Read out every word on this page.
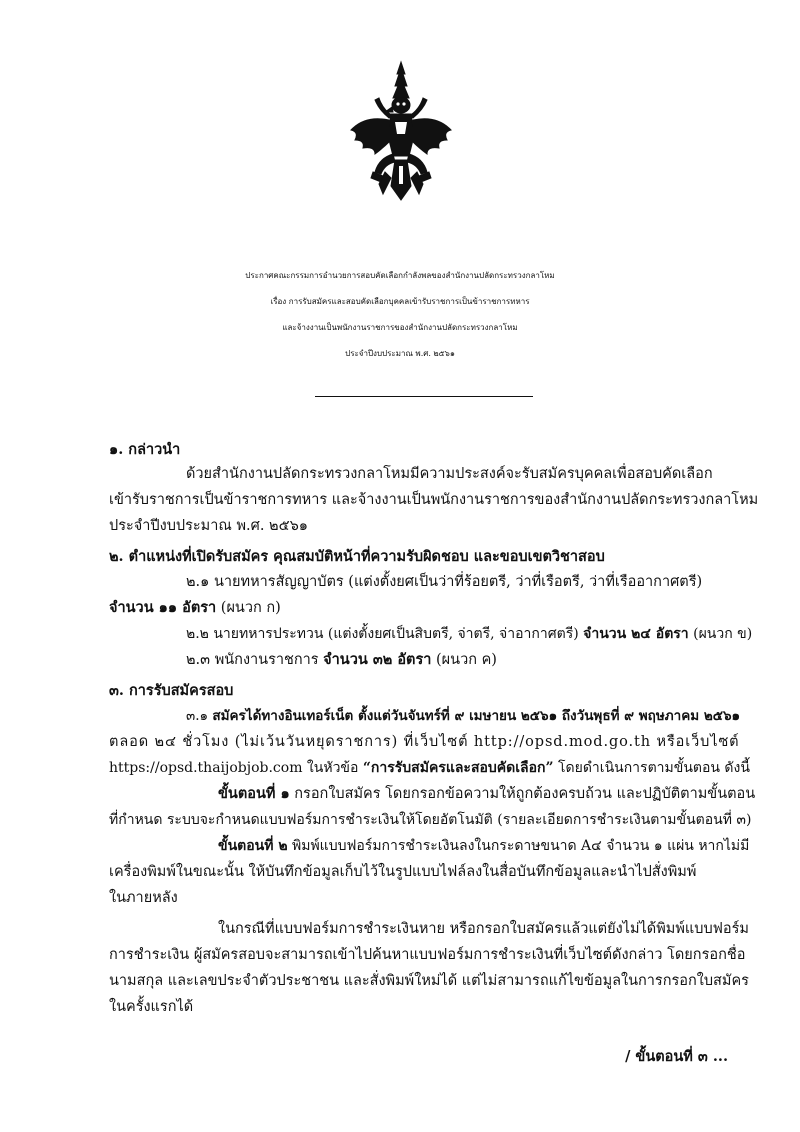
ประกาศคณะกรรมการอำนวยการสอบคัดเลือกกำลังพลของสำนักงานปลัดกระทรวงกลาโหม
เรื่อง การรับสมัครและสอบคัดเลือกบุคคลเข้ารับราชการเป็นข้าราชการทหาร
และจ้างงานเป็นพนักงานราชการของสำนักงานปลัดกระทรวงกลาโหม
ประจำปีงบประมาณ พ.ศ. ๒๕๖๑
๑. กล่าวนำ
ด้วยสำนักงานปลัดกระทรวงกลาโหมมีความประสงค์จะรับสมัครบุคคลเพื่อสอบคัดเลือก
เข้ารับราชการเป็นข้าราชการทหาร และจ้างงานเป็นพนักงานราชการของสำนักงานปลัดกระทรวงกลาโหม
ประจำปีงบประมาณ พ.ศ. ๒๕๖๑
๒. ตำแหน่งที่เปิดรับสมัคร คุณสมบัติหน้าที่ความรับผิดชอบ และขอบเขตวิชาสอบ
๒.๑ นายทหารสัญญาบัตร (แต่งตั้งยศเป็นว่าที่ร้อยตรี, ว่าที่เรือตรี, ว่าที่เรืออากาศตรี)
จำนวน ๑๑ อัตรา (ผนวก ก)
๒.๒ นายทหารประทวน (แต่งตั้งยศเป็นสิบตรี, จ่าตรี, จ่าอากาศตรี) จำนวน ๒๔ อัตรา (ผนวก ข)
๒.๓ พนักงานราชการ จำนวน ๓๒ อัตรา (ผนวก ค)
๓. การรับสมัครสอบ
๓.๑ สมัครได้ทางอินเทอร์เน็ต ตั้งแต่วันจันทร์ที่ ๙ เมษายน ๒๕๖๑ ถึงวันพุธที่ ๙ พฤษภาคม ๒๕๖๑
ตลอด ๒๔ ชั่วโมง (ไม่เว้นวันหยุดราชการ) ที่เว็บไซต์ http://opsd.mod.go.th หรือเว็บไซต์
https://opsd.thaijobjob.com ในหัวข้อ “การรับสมัครและสอบคัดเลือก” โดยดำเนินการตามขั้นตอน ดังนี้
ขั้นตอนที่ ๑ กรอกใบสมัคร โดยกรอกข้อความให้ถูกต้องครบถ้วน และปฏิบัติตามขั้นตอน
ที่กำหนด ระบบจะกำหนดแบบฟอร์มการชำระเงินให้โดยอัตโนมัติ (รายละเอียดการชำระเงินตามขั้นตอนที่ ๓)
ขั้นตอนที่ ๒ พิมพ์แบบฟอร์มการชำระเงินลงในกระดาษขนาด A๔ จำนวน ๑ แผ่น หากไม่มี
เครื่องพิมพ์ในขณะนั้น ให้บันทึกข้อมูลเก็บไว้ในรูปแบบไฟล์ลงในสื่อบันทึกข้อมูลและนำไปสั่งพิมพ์
ในภายหลัง
ในกรณีที่แบบฟอร์มการชำระเงินหาย หรือกรอกใบสมัครแล้วแต่ยังไม่ได้พิมพ์แบบฟอร์ม
การชำระเงิน ผู้สมัครสอบจะสามารถเข้าไปค้นหาแบบฟอร์มการชำระเงินที่เว็บไซต์ดังกล่าว โดยกรอกชื่อ
นามสกุล และเลขประจำตัวประชาชน และสั่งพิมพ์ใหม่ได้ แต่ไม่สามารถแก้ไขข้อมูลในการกรอกใบสมัคร
ในครั้งแรกได้
/ ขั้นตอนที่ ๓ ...
